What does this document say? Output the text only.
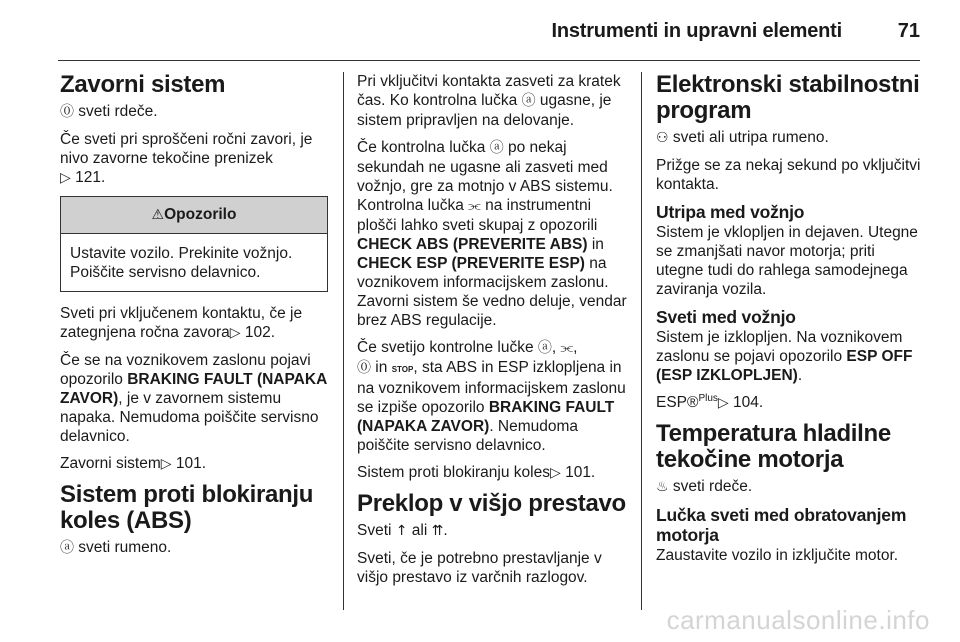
Instrumenti in upravni elementi	71
Zavorni sistem

⓪ sveti rdeče.

Če sveti pri sproščeni ročni zavori, je nivo zavorne tekočine prenizek
▷ 121.

⚠Opozorilo
Ustavite vozilo. Prekinite vožnjo. Poiščite servisno delavnico.

Sveti pri vključenem kontaktu, če je zategnjena ročna zavora▷ 102.

Če se na voznikovem zaslonu pojavi opozorilo BRAKING FAULT (NAPAKA ZAVOR), je v zavornem sistemu napaka. Nemudoma poiščite servisno delavnico.

Zavorni sistem▷ 101.

Sistem proti blokiranju koles (ABS)

ⓐ sveti rumeno.

Pri vključitvi kontakta zasveti za kratek čas. Ko kontrolna lučka ⓐ ugasne, je sistem pripravljen na delovanje.

Če kontrolna lučka ⓐ po nekaj sekundah ne ugasne ali zasveti med vožnjo, gre za motnjo v ABS sistemu. Kontrolna lučka ⫘ na instrumentni plošči lahko sveti skupaj z opozorili CHECK ABS (PREVERITE ABS) in CHECK ESP (PREVERITE ESP) na voznikovem informacijskem zaslonu. Zavorni sistem še vedno deluje, vendar brez ABS regulacije.

Če svetijo kontrolne lučke ⓐ, ⫘,
⓪ in STOP, sta ABS in ESP izklopljena in na voznikovem informacijskem zaslonu se izpiše opozorilo BRAKING FAULT (NAPAKA ZAVOR). Nemudoma poiščite servisno delavnico.

Sistem proti blokiranju koles▷ 101.

Preklop v višjo prestavo

Sveti ↑ ali ⇈.

Sveti, če je potrebno prestavljanje v višjo prestavo iz varčnih razlogov.

Elektronski stabilnostni program

⚇ sveti ali utripa rumeno.

Prižge se za nekaj sekund po vključitvi kontakta.

Utripa med vožnjo

Sistem je vklopljen in dejaven. Utegne se zmanjšati navor motorja; priti utegne tudi do rahlega samodejnega zaviranja vozila.

Sveti med vožnjo

Sistem je izklopljen. Na voznikovem zaslonu se pojavi opozorilo ESP OFF (ESP IZKLOPLJEN).

ESP®$^{Plus}$▷ 104.

Temperatura hladilne tekočine motorja

♨ sveti rdeče.

Lučka sveti med obratovanjem motorja

Zaustavite vozilo in izključite motor.

carmanualsonline.info
